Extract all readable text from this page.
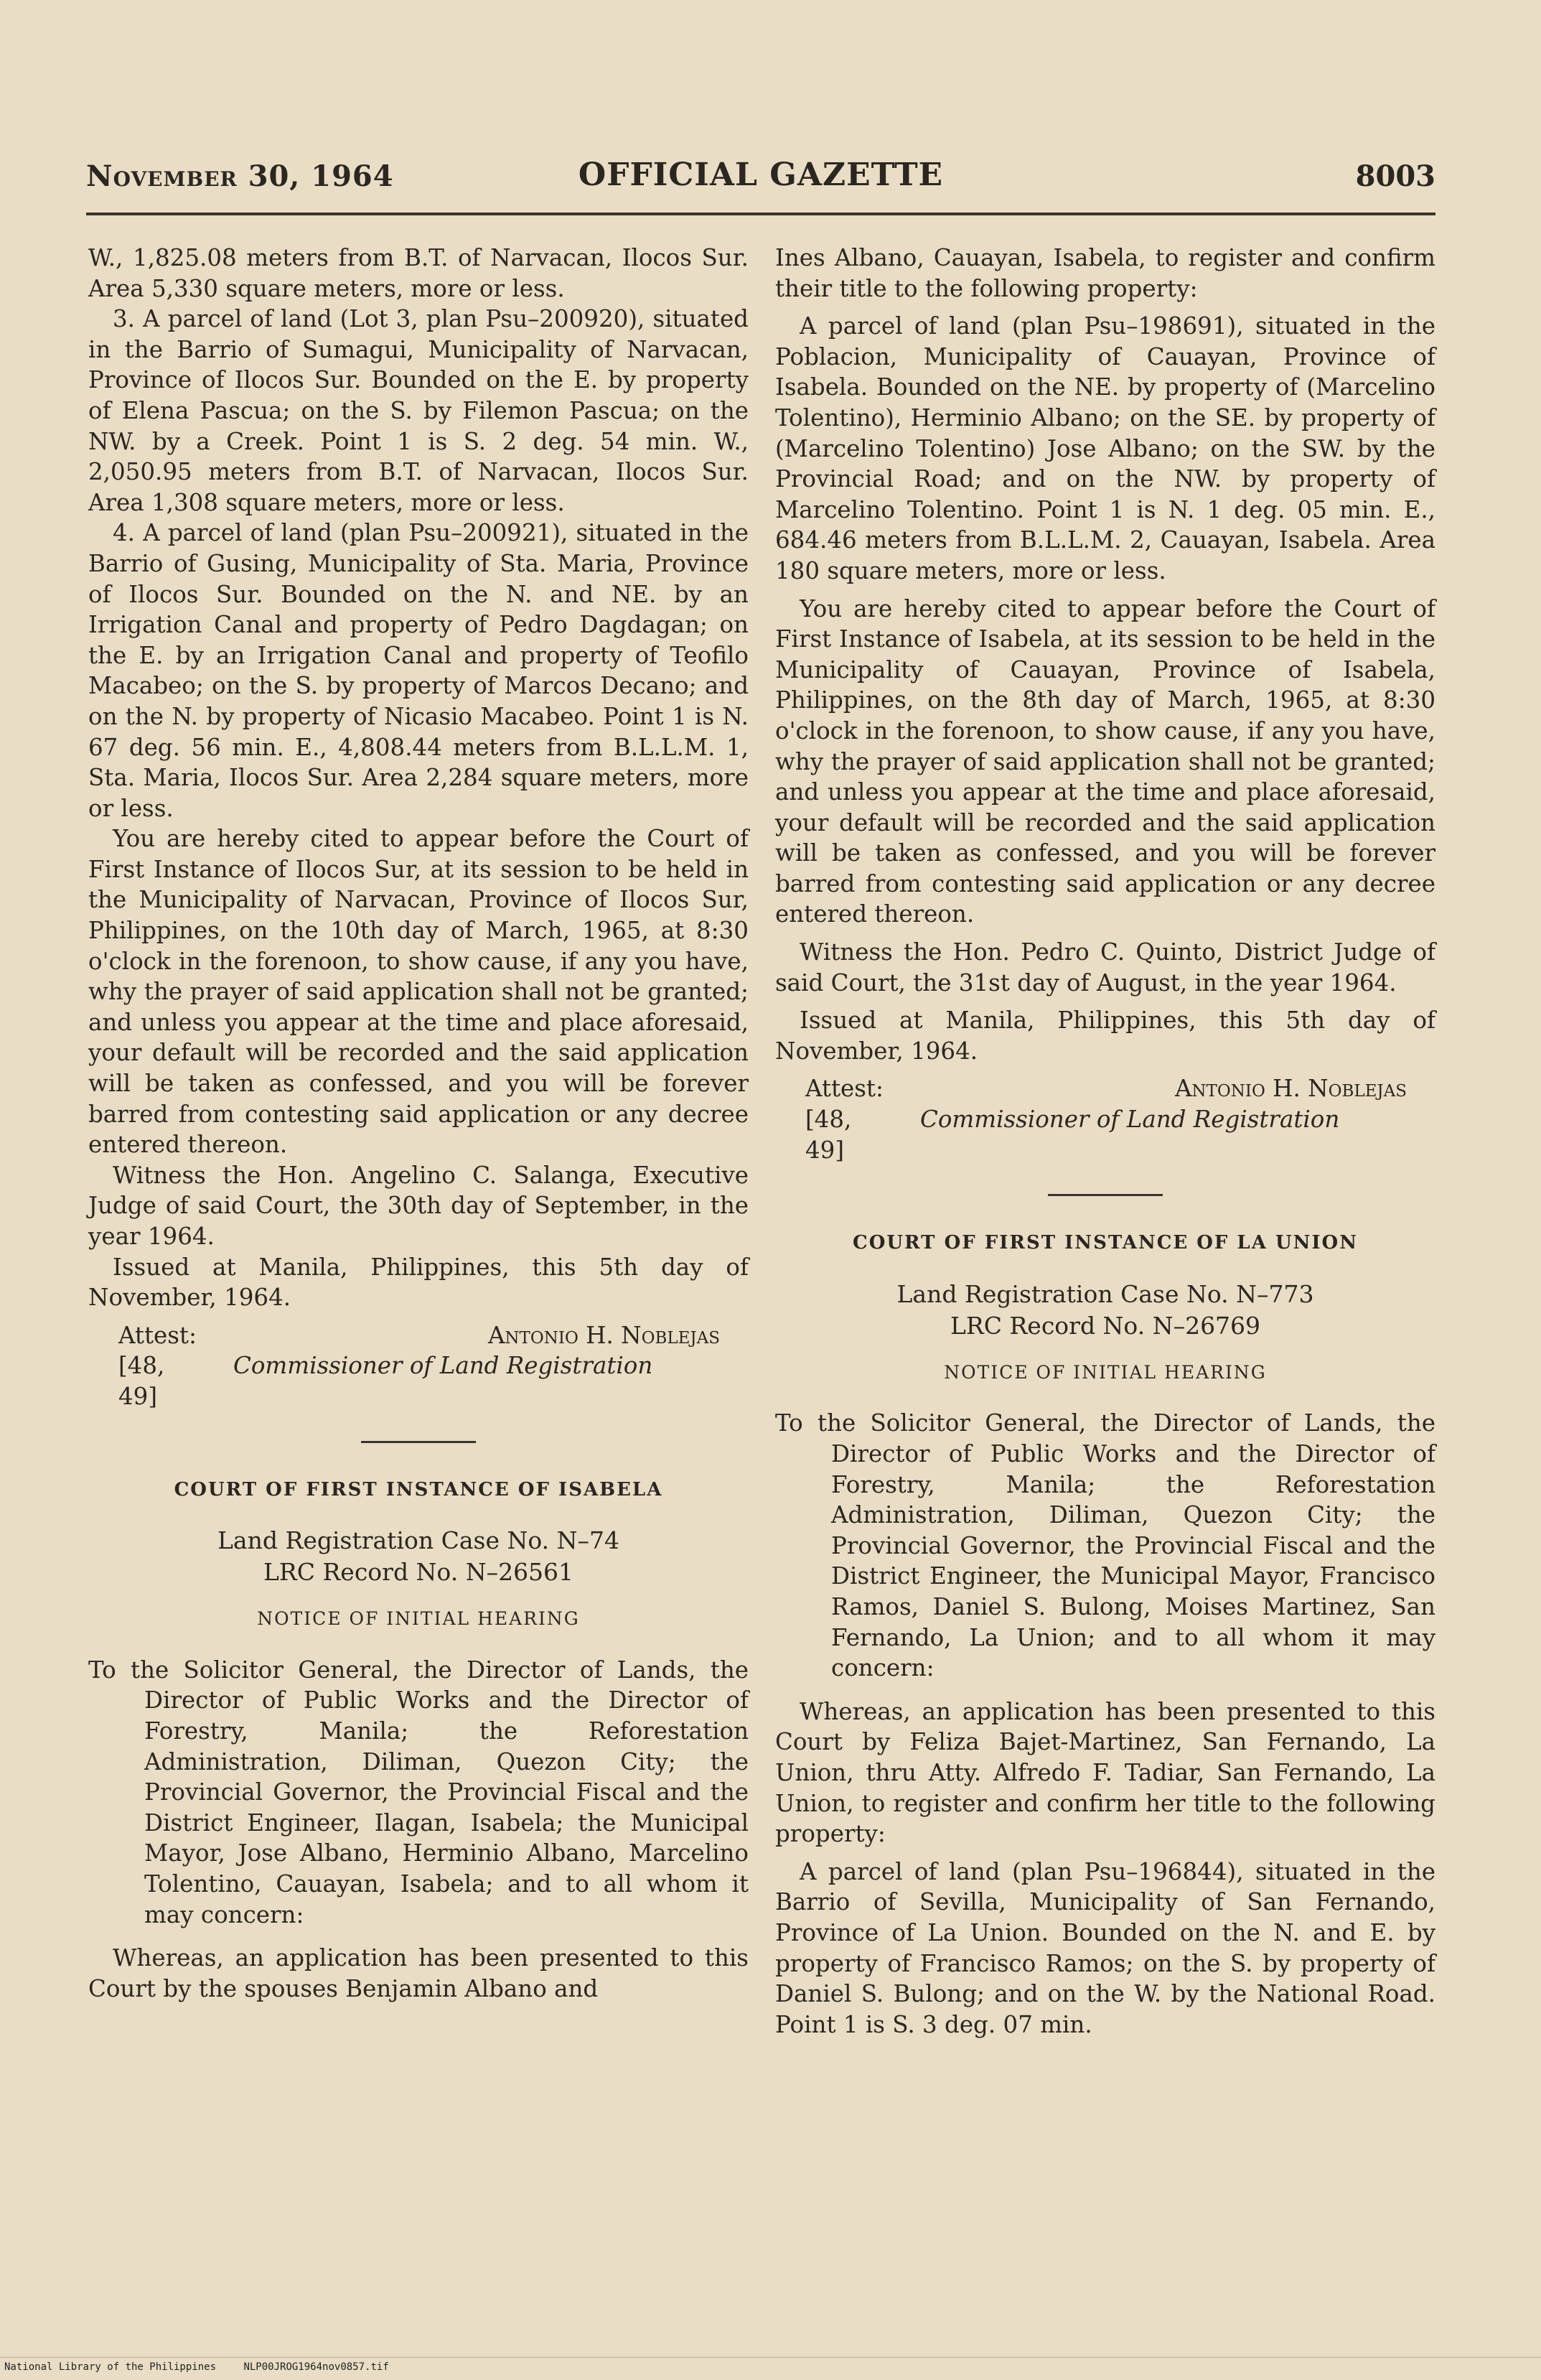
November 30, 1964	OFFICIAL GAZETTE	8003

W., 1,825.08 meters from B.T. of Narvacan, Ilocos Sur. Area 5,330 square meters, more or less.

3. A parcel of land (Lot 3, plan Psu–200920), situated in the Barrio of Sumagui, Municipality of Narvacan, Province of Ilocos Sur. Bounded on the E. by property of Elena Pascua; on the S. by Filemon Pascua; on the NW. by a Creek. Point 1 is S. 2 deg. 54 min. W., 2,050.95 meters from B.T. of Narvacan, Ilocos Sur. Area 1,308 square meters, more or less.

4. A parcel of land (plan Psu–200921), situated in the Barrio of Gusing, Municipality of Sta. Maria, Province of Ilocos Sur. Bounded on the N. and NE. by an Irrigation Canal and property of Pedro Dagdagan; on the E. by an Irrigation Canal and property of Teofilo Macabeo; on the S. by property of Marcos Decano; and on the N. by property of Nicasio Macabeo. Point 1 is N. 67 deg. 56 min. E., 4,808.44 meters from B.L.L.M. 1, Sta. Maria, Ilocos Sur. Area 2,284 square meters, more or less.

You are hereby cited to appear before the Court of First Instance of Ilocos Sur, at its session to be held in the Municipality of Narvacan, Province of Ilocos Sur, Philippines, on the 10th day of March, 1965, at 8:30 o'clock in the forenoon, to show cause, if any you have, why the prayer of said application shall not be granted; and unless you appear at the time and place aforesaid, your default will be recorded and the said application will be taken as confessed, and you will be forever barred from contesting said application or any decree entered thereon.

Witness the Hon. Angelino C. Salanga, Executive Judge of said Court, the 30th day of September, in the year 1964.

Issued at Manila, Philippines, this 5th day of November, 1964.

Attest:	Antonio H. Noblejas
[48, 49]
Commissioner of Land Registration
COURT OF FIRST INSTANCE OF ISABELA
Land Registration Case No. N–74
LRC Record No. N–26561
NOTICE OF INITIAL HEARING

To the Solicitor General, the Director of Lands, the Director of Public Works and the Director of Forestry, Manila; the Reforestation Administration, Diliman, Quezon City; the Provincial Governor, the Provincial Fiscal and the District Engineer, Ilagan, Isabela; the Municipal Mayor, Jose Albano, Herminio Albano, Marcelino Tolentino, Cauayan, Isabela; and to all whom it may concern:

Whereas, an application has been presented to this Court by the spouses Benjamin Albano and

Ines Albano, Cauayan, Isabela, to register and confirm their title to the following property:

A parcel of land (plan Psu–198691), situated in the Poblacion, Municipality of Cauayan, Province of Isabela. Bounded on the NE. by property of (Marcelino Tolentino), Herminio Albano; on the SE. by property of (Marcelino Tolentino) Jose Albano; on the SW. by the Provincial Road; and on the NW. by property of Marcelino Tolentino. Point 1 is N. 1 deg. 05 min. E., 684.46 meters from B.L.L.M. 2, Cauayan, Isabela. Area 180 square meters, more or less.

You are hereby cited to appear before the Court of First Instance of Isabela, at its session to be held in the Municipality of Cauayan, Province of Isabela, Philippines, on the 8th day of March, 1965, at 8:30 o'clock in the forenoon, to show cause, if any you have, why the prayer of said application shall not be granted; and unless you appear at the time and place aforesaid, your default will be recorded and the said application will be taken as confessed, and you will be forever barred from contesting said application or any decree entered thereon.

Witness the Hon. Pedro C. Quinto, District Judge of said Court, the 31st day of August, in the year 1964.

Issued at Manila, Philippines, this 5th day of November, 1964.

Attest:	Antonio H. Noblejas
[48, 49]
Commissioner of Land Registration
COURT OF FIRST INSTANCE OF LA UNION
Land Registration Case No. N–773
LRC Record No. N–26769
NOTICE OF INITIAL HEARING

To the Solicitor General, the Director of Lands, the Director of Public Works and the Director of Forestry, Manila; the Reforestation Administration, Diliman, Quezon City; the Provincial Governor, the Provincial Fiscal and the District Engineer, the Municipal Mayor, Francisco Ramos, Daniel S. Bulong, Moises Martinez, San Fernando, La Union; and to all whom it may concern:

Whereas, an application has been presented to this Court by Feliza Bajet-Martinez, San Fernando, La Union, thru Atty. Alfredo F. Tadiar, San Fernando, La Union, to register and confirm her title to the following property:

A parcel of land (plan Psu–196844), situated in the Barrio of Sevilla, Municipality of San Fernando, Province of La Union. Bounded on the N. and E. by property of Francisco Ramos; on the S. by property of Daniel S. Bulong; and on the W. by the National Road. Point 1 is S. 3 deg. 07 min.

National Library of the Philippines	NLP00JROG1964nov0857.tif
